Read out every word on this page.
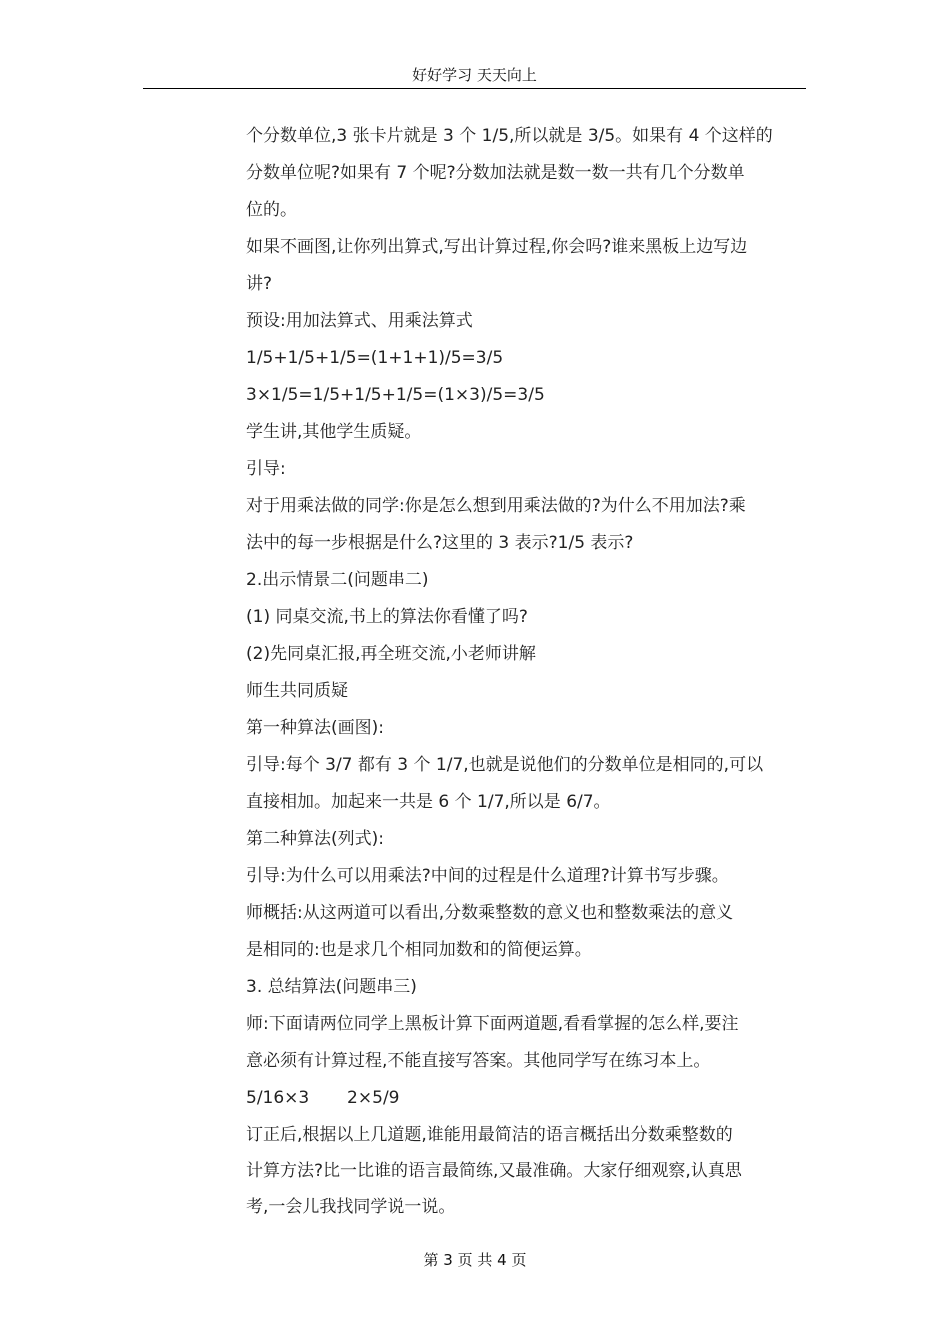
好好学习 天天向上

个分数单位,3 张卡片就是 3 个 1/5,所以就是 3/5。如果有 4 个这样的
分数单位呢?如果有 7 个呢?分数加法就是数一数一共有几个分数单
位的。

如果不画图,让你列出算式,写出计算过程,你会吗?谁来黑板上边写边
讲?

预设:用加法算式、用乘法算式

1/5+1/5+1/5=(1+1+1)/5=3/5

3×1/5=1/5+1/5+1/5=(1×3)/5=3/5

学生讲,其他学生质疑。

引导:

对于用乘法做的同学:你是怎么想到用乘法做的?为什么不用加法?乘
法中的每一步根据是什么?这里的 3 表示?1/5 表示?

2.出示情景二(问题串二)

(1) 同桌交流,书上的算法你看懂了吗?

(2)先同桌汇报,再全班交流,小老师讲解

师生共同质疑

第一种算法(画图):

引导:每个 3/7 都有 3 个 1/7,也就是说他们的分数单位是相同的,可以
直接相加。加起来一共是 6 个 1/7,所以是 6/7。

第二种算法(列式):

引导:为什么可以用乘法?中间的过程是什么道理?计算书写步骤。

师概括:从这两道可以看出,分数乘整数的意义也和整数乘法的意义
是相同的:也是求几个相同加数和的简便运算。

3. 总结算法(问题串三)

师:下面请两位同学上黑板计算下面两道题,看看掌握的怎么样,要注
意必须有计算过程,不能直接写答案。其他同学写在练习本上。

5/16×3       2×5/9

订正后,根据以上几道题,谁能用最简洁的语言概括出分数乘整数的
计算方法?比一比谁的语言最简练,又最准确。大家仔细观察,认真思
考,一会儿我找同学说一说。

第 3 页 共 4 页
